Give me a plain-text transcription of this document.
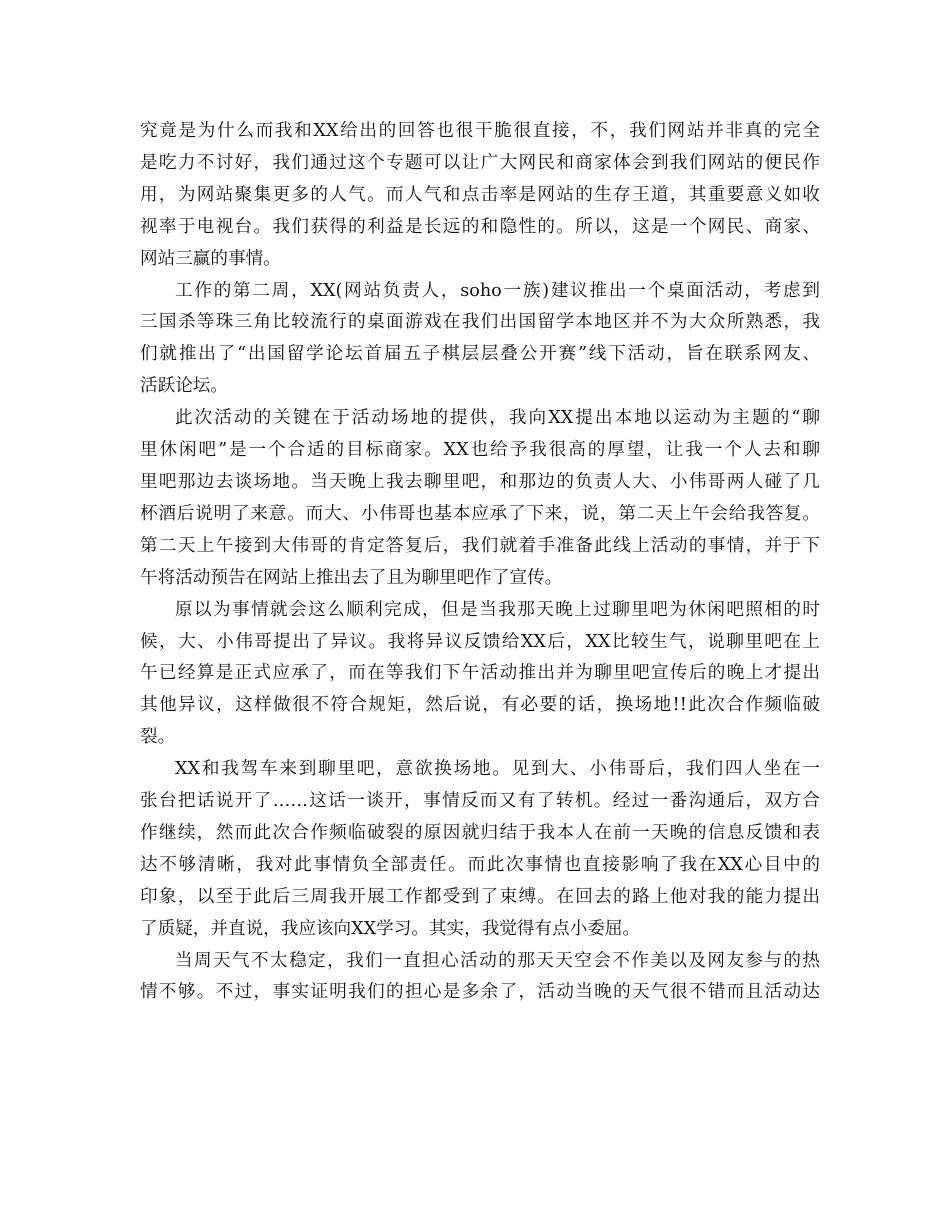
究竟是为什么而我和XX给出的回答也很干脆很直接，不，我们网站并非真的完全
是吃力不讨好，我们通过这个专题可以让广大网民和商家体会到我们网站的便民作
用，为网站聚集更多的人气。而人气和点击率是网站的生存王道，其重要意义如收
视率于电视台。我们获得的利益是长远的和隐性的。所以，这是一个网民、商家、
网站三赢的事情。
工作的第二周，XX(网站负责人，soho一族)建议推出一个桌面活动，考虑到
三国杀等珠三角比较流行的桌面游戏在我们出国留学本地区并不为大众所熟悉，我
们就推出了“出国留学论坛首届五子棋层层叠公开赛”线下活动，旨在联系网友、
活跃论坛。
此次活动的关键在于活动场地的提供，我向XX提出本地以运动为主题的“聊
里休闲吧”是一个合适的目标商家。XX也给予我很高的厚望，让我一个人去和聊
里吧那边去谈场地。当天晚上我去聊里吧，和那边的负责人大、小伟哥两人碰了几
杯酒后说明了来意。而大、小伟哥也基本应承了下来，说，第二天上午会给我答复。
第二天上午接到大伟哥的肯定答复后，我们就着手准备此线上活动的事情，并于下
午将活动预告在网站上推出去了且为聊里吧作了宣传。
原以为事情就会这么顺利完成，但是当我那天晚上过聊里吧为休闲吧照相的时
候，大、小伟哥提出了异议。我将异议反馈给XX后，XX比较生气，说聊里吧在上
午已经算是正式应承了，而在等我们下午活动推出并为聊里吧宣传后的晚上才提出
其他异议，这样做很不符合规矩，然后说，有必要的话，换场地!!此次合作频临破
裂。
XX和我驾车来到聊里吧，意欲换场地。见到大、小伟哥后，我们四人坐在一
张台把话说开了……这话一谈开，事情反而又有了转机。经过一番沟通后，双方合
作继续，然而此次合作频临破裂的原因就归结于我本人在前一天晚的信息反馈和表
达不够清晰，我对此事情负全部责任。而此次事情也直接影响了我在XX心目中的
印象，以至于此后三周我开展工作都受到了束缚。在回去的路上他对我的能力提出
了质疑，并直说，我应该向XX学习。其实，我觉得有点小委屈。
当周天气不太稳定，我们一直担心活动的那天天空会不作美以及网友参与的热
情不够。不过，事实证明我们的担心是多余了，活动当晚的天气很不错而且活动达
